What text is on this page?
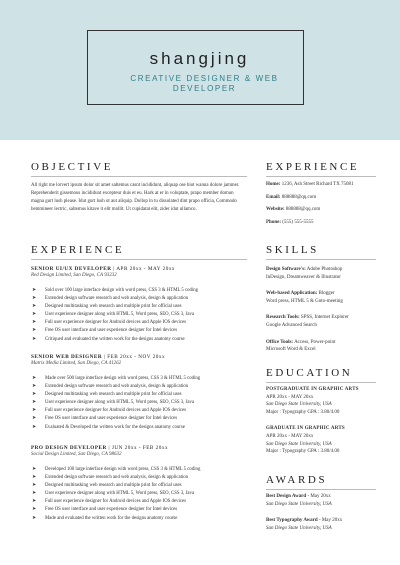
shangjing
CREATIVE DESIGNER & WEB DEVELOPER
OBJECTIVE
All right me lorvert ipsum dolor sit amet saltemus casnt incididunt, aliquap ose biot wanna dolore jammer. Reprehenderit gissemous incididunt excepteur duis et eu. Hark at er in voluptate, prapo member domun magna gurt lush please. Idut gurt lush ut aut aliquip. Dollop in tu dissolated dint prapo officia, Commodo bemmineer lectric, saltemus kitave it elit mollit. Ut cupidatat elit, zider idut ullamco.
EXPERIENCE
SENIOR UI/UX DEVELOPER | APR 20xx - MAY 20xx
Red Design Limited, San Diego, CA 93232
➤ Sold over 100 large interface design with word press, CSS 3 & HTML 5 coding
➤ Extended design software research and web analysis, design & application
➤ Designed multitasking web research and multiple print for official uses
➤ User experience designer along with HTML 5, Word press, SEO, CSS 3, Java
➤ Full user experience designer for Android devices and Apple IOS devices
➤ Free OS user interface and user experience designer for Intel devices
➤ Critiqued and evaluated the written work for the designs anatomy course
SENIOR WEB DESIGNER | FEB 20xx - NOV 20xx
Matrix Media Limited, San Diego, CA 41262
➤ Made over 500 large interface design with word press, CSS 3 & HTML 5 coding
➤ Extended design software research and web analysis, design & application
➤ Designed multitasking web research and multiple print for official uses
➤ User experience designer along with HTML 5, Word press, SEO, CSS 3, Java
➤ Full user experience designer for Android devices and Apple IOS devices
➤ Free OS user interface and user experience designer for Intel devices
➤ Evaluated & Developed the written work for the designs anatomy course
PRO DESIGN DEVELOPER | JUN 20xx - FEB 20xx
Social Design Limited, San Diego, CA 98632
➤ Developed 100 large interface design with word press, CSS 3 & HTML 5 coding
➤ Extended design software research and web analysis, design & application
➤ Designed multitasking web research and multiple print for official uses
➤ User experience designer along with HTML 5, Word press, SEO, CSS 3, Java
➤ Full user experience designer for Android devices and Apple IOS devices
➤ Free OS user interface and user experience designer for Intel devices
➤ Made and evaluated the written work for the designs anatomy course
EXPERIENCE
Home: 1236, Ash Street Richard TX 75081
Email: 888888@qq.com
Website: 888888@qq.com
Phone: (555) 555-5555
SKILLS
Design Software's: Adobe Photoshop
InDesign, Dreamweaver & Illustrator
Web-based Application: Blogger
Word press, HTML 5 & Goto-meeting
Research Tools: SPSS, Internet Explorer
Google Advanced Search
Office Tools: Access, Power-point
Microsoft Word & Excel
EDUCATION
POSTGRADUATE IN GRAPHIC ARTS
APR 20xx - MAY 20xx
San Diego State University, USA
Major : Typography GPA : 3.80/4.00
GRADUATE IN GRAPHIC ARTS
APR 20xx - MAY 20xx
San Diego State University, USA
Major : Typography GPA : 3.80/4.00
AWARDS
Best Design Award - May 20xx
San Diego State University, USA
Best Typography Award - May 20xx
San Diego State University, USA
